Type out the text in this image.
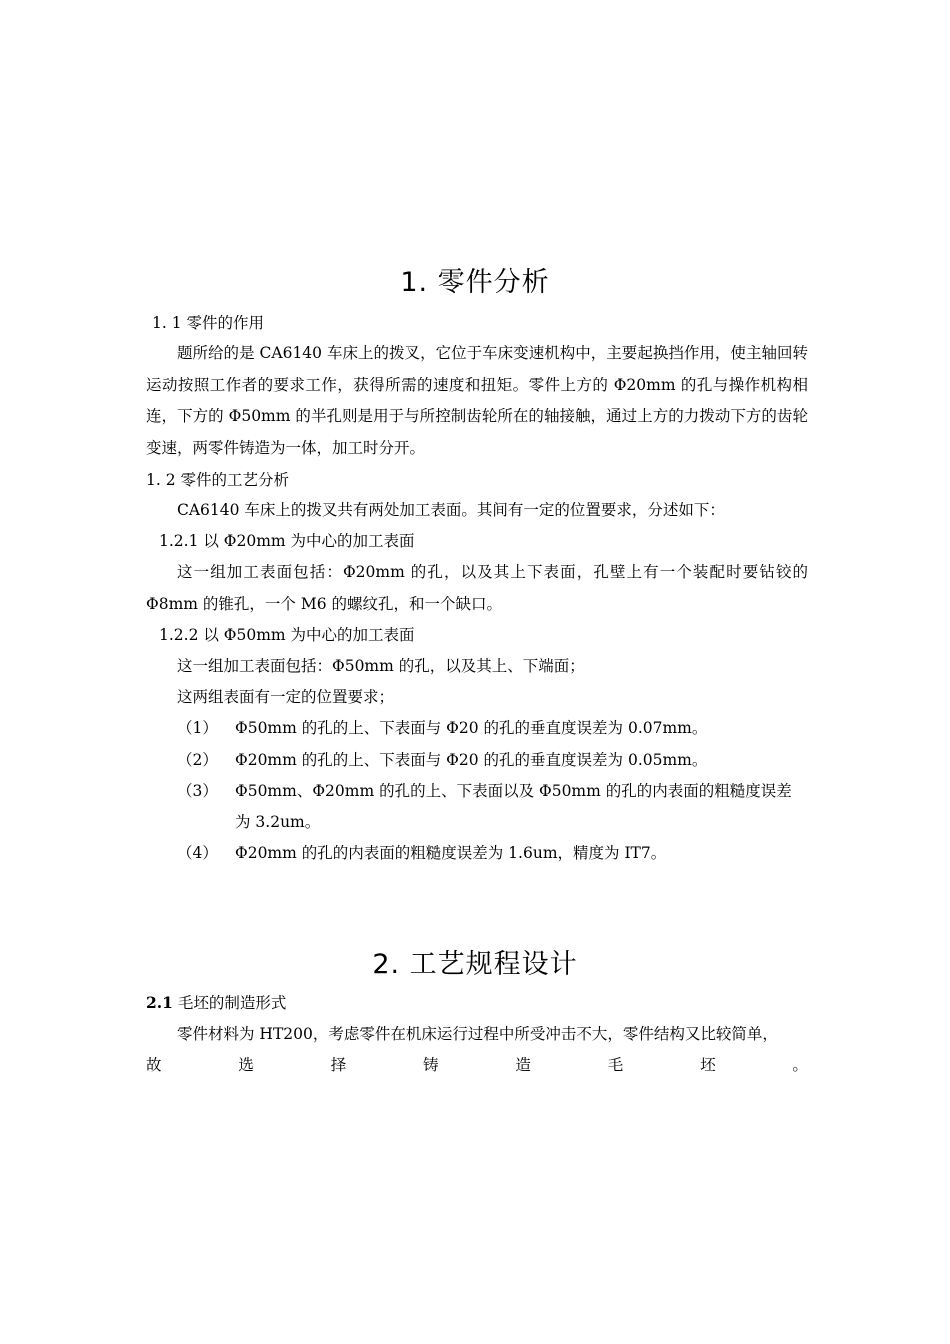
1. 零件分析
1. 1 零件的作用
题所给的是 CA6140 车床上的拨叉，它位于车床变速机构中，主要起换挡作用，使主轴回转运动按照工作者的要求工作，获得所需的速度和扭矩。零件上方的 Φ20mm 的孔与操作机构相连，下方的 Φ50mm 的半孔则是用于与所控制齿轮所在的轴接触，通过上方的力拨动下方的齿轮变速，两零件铸造为一体，加工时分开。
1. 2 零件的工艺分析
CA6140 车床上的拨叉共有两处加工表面。其间有一定的位置要求，分述如下：
1.2.1 以 Φ20mm 为中心的加工表面
这一组加工表面包括：Φ20mm 的孔，以及其上下表面，孔壁上有一个装配时要钻铰的 Φ8mm 的锥孔，一个 M6 的螺纹孔，和一个缺口。
1.2.2 以 Φ50mm 为中心的加工表面
这一组加工表面包括：Φ50mm 的孔，以及其上、下端面；
这两组表面有一定的位置要求；
（1） Φ50mm 的孔的上、下表面与 Φ20 的孔的垂直度误差为 0.07mm。
（2） Φ20mm 的孔的上、下表面与 Φ20 的孔的垂直度误差为 0.05mm。
（3） Φ50mm、Φ20mm 的孔的上、下表面以及 Φ50mm 的孔的内表面的粗糙度误差
为 3.2um。
（4） Φ20mm 的孔的内表面的粗糙度误差为 1.6um，精度为 IT7。
2. 工艺规程设计
2.1 毛坯的制造形式
零件材料为 HT200，考虑零件在机床运行过程中所受冲击不大，零件结构又比较简单，
故	选	择	铸	造	毛	坯	。
